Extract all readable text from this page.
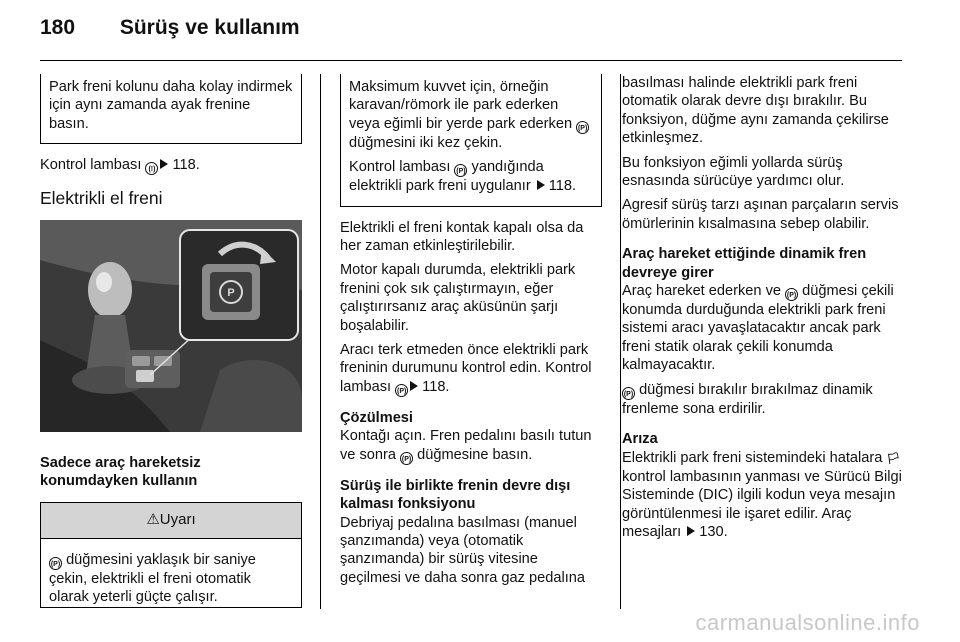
180 Sürüş ve kullanım
Park freni kolunu daha kolay indirmek için aynı zamanda ayak frenine basın.

Kontrol lambası (!) 118.

Elektrikli el freni
P
Sadece araç hareketsiz konumdayken kullanın
⚠Uyarı
(P) düğmesini yaklaşık bir saniye çekin, elektrikli el freni otomatik olarak yeterli güçte çalışır.

Maksimum kuvvet için, örneğin karavan/römork ile park ederken veya eğimli bir yerde park ederken (P) düğmesini iki kez çekin.

Kontrol lambası (P) yandığında elektrikli park freni uygulanır 118.

Elektrikli el freni kontak kapalı olsa da her zaman etkinleştirilebilir.

Motor kapalı durumda, elektrikli park frenini çok sık çalıştırmayın, eğer çalıştırırsanız araç aküsünün şarjı boşalabilir.

Aracı terk etmeden önce elektrikli park freninin durumunu kontrol edin. Kontrol lambası (P) 118.

Çözülmesi

Kontağı açın. Fren pedalını basılı tutun ve sonra (P) düğmesine basın.

Sürüş ile birlikte frenin devre dışı kalması fonksiyonu

Debriyaj pedalına basılması (manuel şanzımanda) veya (otomatik şanzımanda) bir sürüş vitesine geçilmesi ve daha sonra gaz pedalına

basılması halinde elektrikli park freni otomatik olarak devre dışı bırakılır. Bu fonksiyon, düğme aynı zamanda çekilirse etkinleşmez.

Bu fonksiyon eğimli yollarda sürüş esnasında sürücüye yardımcı olur.

Agresif sürüş tarzı aşınan parçaların servis ömürlerinin kısalmasına sebep olabilir.

Araç hareket ettiğinde dinamik fren devreye girer

Araç hareket ederken ve (P) düğmesi çekili konumda durduğunda elektrikli park freni sistemi aracı yavaşlatacaktır ancak park freni statik olarak çekili konumda kalmayacaktır.

(P) düğmesi bırakılır bırakılmaz dinamik frenleme sona erdirilir.

Arıza

Elektrikli park freni sistemindeki hatalara 🏳 kontrol lambasının yanması ve Sürücü Bilgi Sisteminde (DIC) ilgili kodun veya mesajın görüntülenmesi ile işaret edilir. Araç mesajları 130.

carmanualsonline.info
